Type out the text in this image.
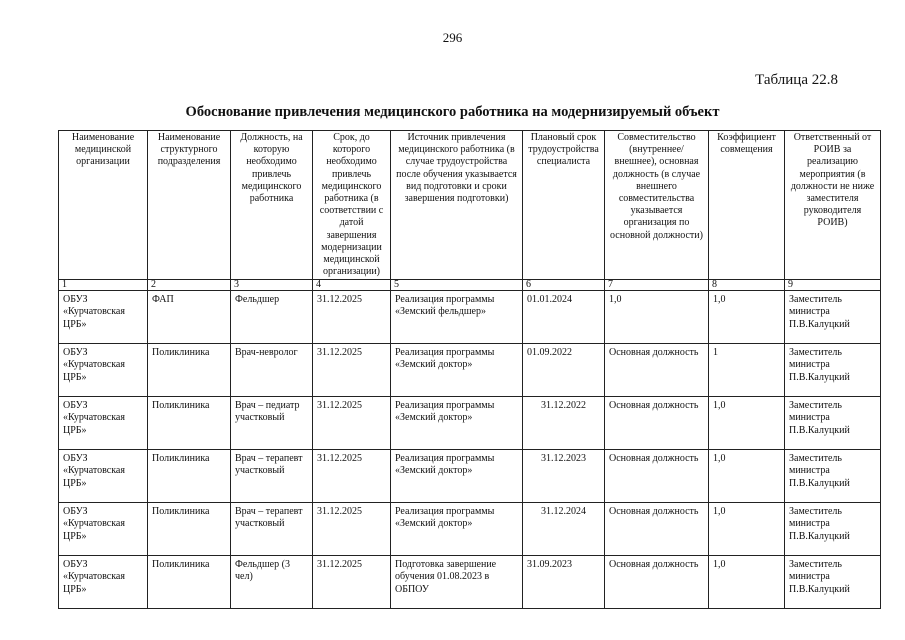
296
Таблица 22.8
Обоснование привлечения медицинского работника на модернизируемый объект
Наименование медицинской организации	Наименование структурного подразделения	Должность, на которую необходимо привлечь медицинского работника	Срок, до которого необходимо привлечь медицинского работника (в соответствии с датой завершения модернизации медицинской организации)	Источник привлечения медицинского работника (в случае трудоустройства после обучения указывается вид подготовки и сроки завершения подготовки)	Плановый срок трудоустройства специалиста	Совместительство (внутреннее/внешнее), основная должность (в случае внешнего совместительства указывается организация по основной должности)	Коэффициент совмещения	Ответственный от РОИВ за реализацию мероприятия (в должности не ниже заместителя руководителя РОИВ)
1	2	3	4	5	6	7	8	9
ОБУЗ «Курчатовская ЦРБ»	ФАП	Фельдшер	31.12.2025	Реализация программы «Земский фельдшер»	01.01.2024	1,0	1,0	Заместитель министра П.В.Калуцкий
ОБУЗ «Курчатовская ЦРБ»	Поликлиника	Врач-невролог	31.12.2025	Реализация программы «Земский доктор»	01.09.2022	Основная должность	1	Заместитель министра П.В.Калуцкий
ОБУЗ «Курчатовская ЦРБ»	Поликлиника	Врач – педиатр участковый	31.12.2025	Реализация программы «Земский доктор»	31.12.2022	Основная должность	1,0	Заместитель министра П.В.Калуцкий
ОБУЗ «Курчатовская ЦРБ»	Поликлиника	Врач – терапевт участковый	31.12.2025	Реализация программы «Земский доктор»	31.12.2023	Основная должность	1,0	Заместитель министра П.В.Калуцкий
ОБУЗ «Курчатовская ЦРБ»	Поликлиника	Врач – терапевт участковый	31.12.2025	Реализация программы «Земский доктор»	31.12.2024	Основная должность	1,0	Заместитель министра П.В.Калуцкий
ОБУЗ «Курчатовская ЦРБ»	Поликлиника	Фельдшер (3 чел)	31.12.2025	Подготовка завершение обучения 01.08.2023 в ОБПОУ	31.09.2023	Основная должность	1,0	Заместитель министра П.В.Калуцкий
